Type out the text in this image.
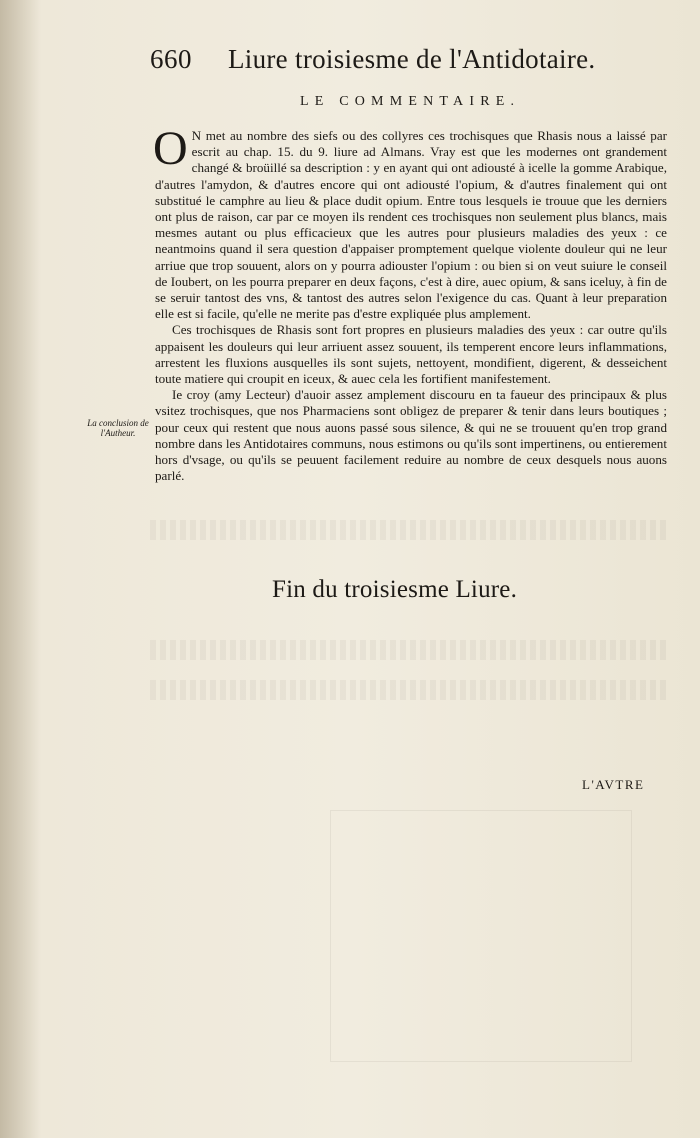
660 Liure troisiesme de l'Antidotaire.
LE COMMENTAIRE.

O N met au nombre des siefs ou des collyres ces trochisques que Rhasis nous a laissé par escrit au chap. 15. du 9. liure ad Almans. Vray est que les modernes ont grandement changé & broüillé sa description : y en ayant qui ont adiousté à icelle la gomme Arabique, d'autres l'amydon, & d'autres encore qui ont adiousté l'opium, & d'autres finalement qui ont substitué le camphre au lieu & place dudit opium. Entre tous lesquels ie trouue que les derniers ont plus de raison, car par ce moyen ils rendent ces trochisques non seulement plus blancs, mais mesmes autant ou plus efficacieux que les autres pour plusieurs maladies des yeux : ce neantmoins quand il sera question d'appaiser promptement quelque violente douleur qui ne leur arriue que trop souuent, alors on y pourra adiouster l'opium : ou bien si on veut suiure le conseil de Ioubert, on les pourra preparer en deux façons, c'est à dire, auec opium, & sans iceluy, à fin de se seruir tantost des vns, & tantost des autres selon l'exigence du cas. Quant à leur preparation elle est si facile, qu'elle ne merite pas d'estre expliquée plus amplement.

Ces trochisques de Rhasis sont fort propres en plusieurs maladies des yeux : car outre qu'ils appaisent les douleurs qui leur arriuent assez souuent, ils temperent encore leurs inflammations, arrestent les fluxions ausquelles ils sont sujets, nettoyent, mondifient, digerent, & desseichent toute matiere qui croupit en iceux, & auec cela les fortifient manifestement.

Ie croy (amy Lecteur) d'auoir assez amplement discouru en ta faueur des principaux & plus vsitez trochisques, que nos Pharmaciens sont obligez de preparer & tenir dans leurs boutiques ; pour ceux qui restent que nous auons passé sous silence, & qui ne se trouuent qu'en trop grand nombre dans les Antidotaires communs, nous estimons ou qu'ils sont impertinens, ou entierement hors d'vsage, ou qu'ils se peuuent facilement reduire au nombre de ceux desquels nous auons parlé.

La conclusion de l'Autheur.
Fin du troisiesme Liure.
L'AVTRE
